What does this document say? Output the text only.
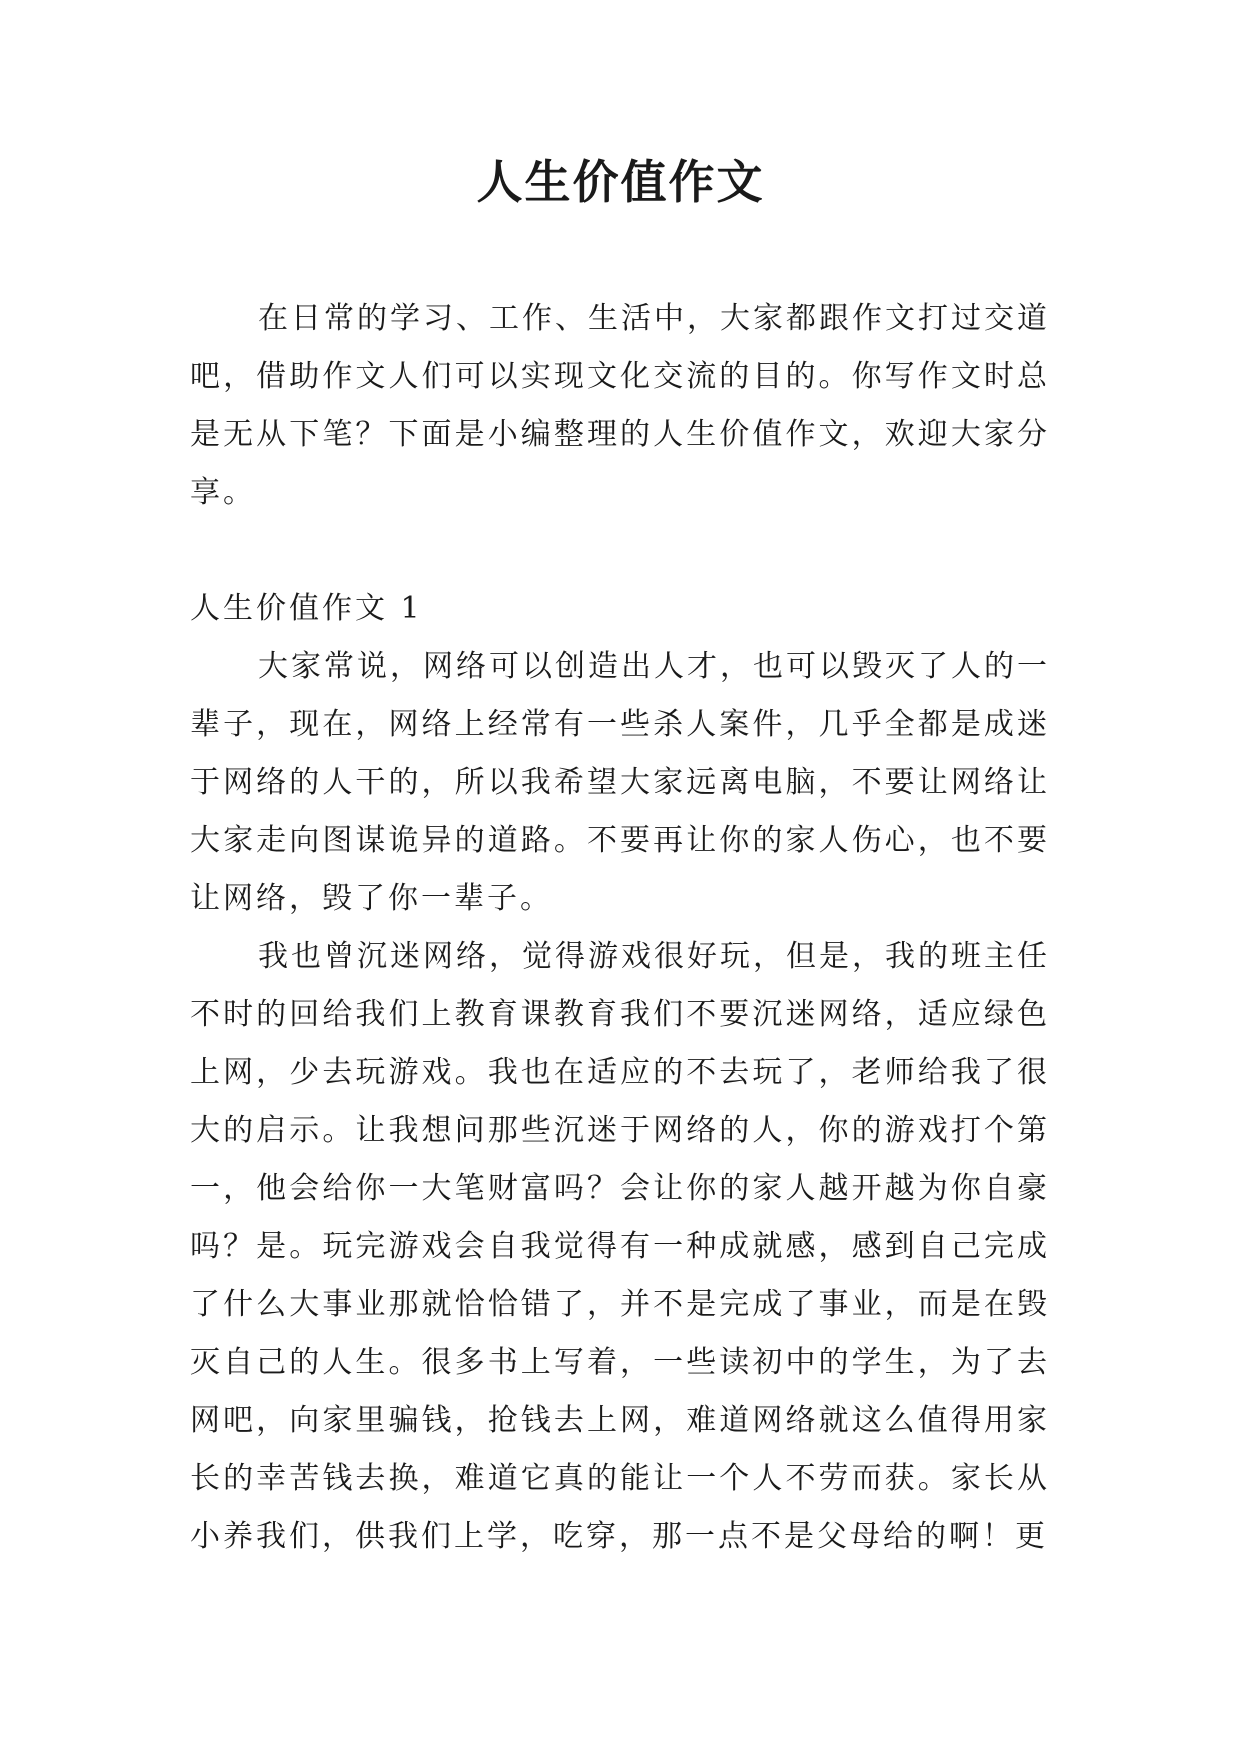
人生价值作文

在日常的学习、工作、生活中，大家都跟作文打过交道吧，借助作文人们可以实现文化交流的目的。你写作文时总是无从下笔？下面是小编整理的人生价值作文，欢迎大家分享。

人生价值作文 1

大家常说，网络可以创造出人才，也可以毁灭了人的一辈子，现在，网络上经常有一些杀人案件，几乎全都是成迷于网络的人干的，所以我希望大家远离电脑，不要让网络让大家走向图谋诡异的道路。不要再让你的家人伤心，也不要让网络，毁了你一辈子。

我也曾沉迷网络，觉得游戏很好玩，但是，我的班主任不时的回给我们上教育课教育我们不要沉迷网络，适应绿色上网，少去玩游戏。我也在适应的不去玩了，老师给我了很大的启示。让我想问那些沉迷于网络的人，你的游戏打个第一，他会给你一大笔财富吗？会让你的家人越开越为你自豪吗？是。玩完游戏会自我觉得有一种成就感，感到自己完成了什么大事业那就恰恰错了，并不是完成了事业，而是在毁灭自己的人生。很多书上写着，一些读初中的学生，为了去网吧，向家里骗钱，抢钱去上网，难道网络就这么值得用家长的幸苦钱去换，难道它真的能让一个人不劳而获。家长从小养我们，供我们上学，吃穿，那一点不是父母给的啊！更
